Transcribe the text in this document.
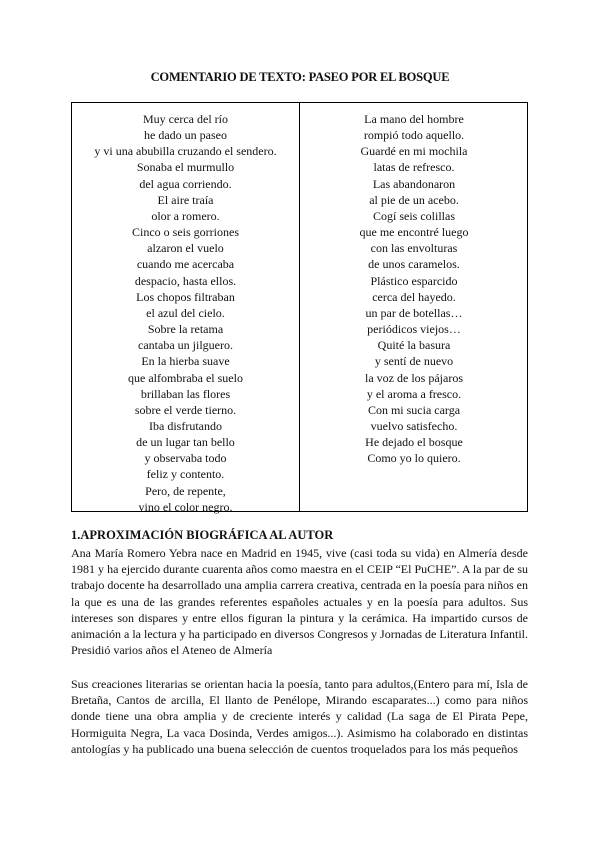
COMENTARIO DE TEXTO: PASEO POR EL BOSQUE
Muy cerca del río
he dado un paseo
y vi una abubilla cruzando el sendero.
Sonaba el murmullo
del agua corriendo.
El aire traía
olor a romero.
Cinco o seis gorriones
alzaron el vuelo
cuando me acercaba
despacio, hasta ellos.
Los chopos filtraban
el azul del cielo.
Sobre la retama
cantaba un jilguero.
En la hierba suave
que alfombraba el suelo
brillaban las flores
sobre el verde tierno.
Iba disfrutando
de un lugar tan bello
y observaba todo
feliz y contento.
Pero, de repente,
vino el color negro.
La mano del hombre
rompió todo aquello.
Guardé en mi mochila
latas de refresco.
Las abandonaron
al pie de un acebo.
Cogí seis colillas
que me encontré luego
con las envolturas
de unos caramelos.
Plástico esparcido
cerca del hayedo.
un par de botellas…
periódicos viejos…
Quité la basura
y sentí de nuevo
la voz de los pájaros
y el aroma a fresco.
Con mi sucia carga
vuelvo satisfecho.
He dejado el bosque
Como yo lo quiero.
1.APROXIMACIÓN BIOGRÁFICA AL AUTOR

Ana María Romero Yebra nace en Madrid en 1945, vive (casi toda su vida) en Almería desde 1981 y ha ejercido durante cuarenta años como maestra en el CEIP “El PuCHE”. A la par de su trabajo docente ha desarrollado una amplia carrera creativa, centrada en la poesía para niños en la que es una de las grandes referentes españoles actuales y en la poesía para adultos. Sus intereses son dispares y entre ellos figuran la pintura y la cerámica. Ha impartido cursos de animación a la lectura y ha participado en diversos Congresos y Jornadas de Literatura Infantil. Presidió varios años el Ateneo de Almería

Sus creaciones literarias se orientan hacia la poesía, tanto para adultos,(Entero para mí, Isla de Bretaña, Cantos de arcilla, El llanto de Penélope, Mirando escaparates...) como para niños donde tiene una obra amplia y de creciente interés y calidad (La saga de El Pirata Pepe, Hormiguita Negra, La vaca Dosinda, Verdes amigos...). Asimismo ha colaborado en distintas antologías y ha publicado una buena selección de cuentos troquelados para los más pequeños
